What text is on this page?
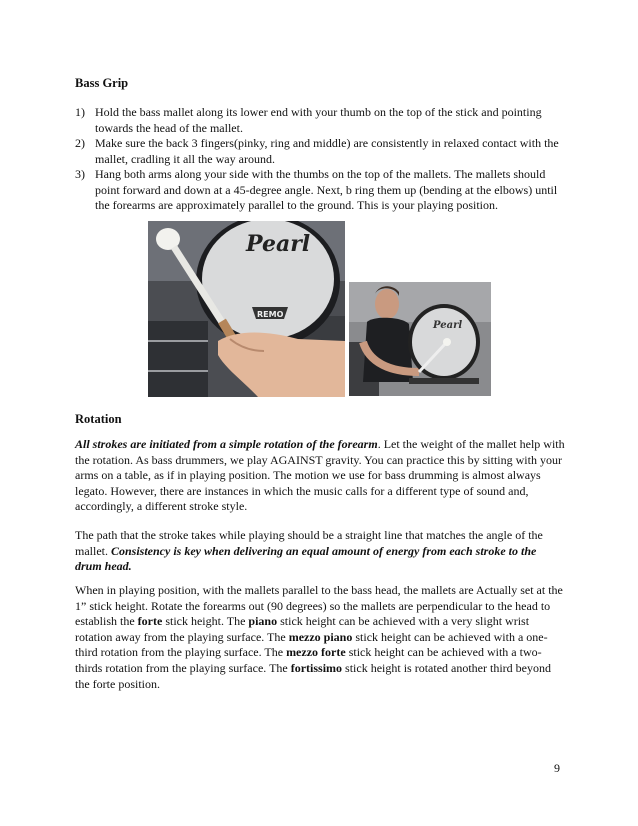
Bass Grip
1) Hold the bass mallet along its lower end with your thumb on the top of the stick and pointing towards the head of the mallet.
2) Make sure the back 3 fingers(pinky, ring and middle) are consistently in relaxed contact with the mallet, cradling it all the way around.
3) Hang both arms along your side with the thumbs on the top of the mallets. The mallets should point forward and down at a 45-degree angle. Next, b ring them up (bending at the elbows) until the forearms are approximately parallel to the ground. This is your playing position.
Pearl
REMO
Pearl
Rotation

All strokes are initiated from a simple rotation of the forearm. Let the weight of the mallet help with the rotation. As bass drummers, we play AGAINST gravity. You can practice this by sitting with your arms on a table, as if in playing position. The motion we use for bass drumming is almost always legato. However, there are instances in which the music calls for a different type of sound and, accordingly, a different stroke style.

The path that the stroke takes while playing should be a straight line that matches the angle of the mallet. Consistency is key when delivering an equal amount of energy from each stroke to the drum head.

When in playing position, with the mallets parallel to the bass head, the mallets are Actually set at the 1” stick height. Rotate the forearms out (90 degrees) so the mallets are perpendicular to the head to establish the forte stick height. The piano stick height can be achieved with a very slight wrist rotation away from the playing surface. The mezzo piano stick height can be achieved with a one-third rotation from the playing surface. The mezzo forte stick height can be achieved with a two-thirds rotation from the playing surface. The fortissimo stick height is rotated another third beyond the forte position.

9
